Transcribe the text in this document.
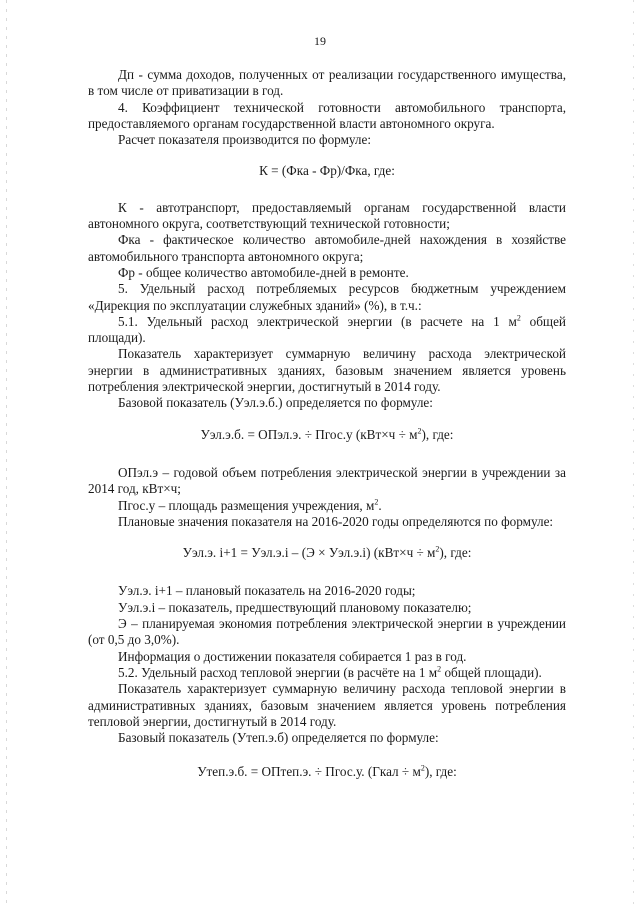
19

Дп - сумма доходов, полученных от реализации государственного имущества, в том числе от приватизации в год.

4. Коэффициент технической готовности автомобильного транспорта, предоставляемого органам государственной власти автономного округа.

Расчет показателя производится по формуле:

К = (Фка - Фр)/Фка, где:

К - автотранспорт, предоставляемый органам государственной власти автономного округа, соответствующий технической готовности;

Фка - фактическое количество автомобиле-дней нахождения в хозяйстве автомобильного транспорта автономного округа;

Фр - общее количество автомобиле-дней в ремонте.

5. Удельный расход потребляемых ресурсов бюджетным учреждением «Дирекция по эксплуатации служебных зданий» (%), в т.ч.:

5.1. Удельный расход электрической энергии (в расчете на 1 $м^2$ общей площади).

Показатель характеризует суммарную величину расхода электрической энергии в административных зданиях, базовым значением является уровень потребления электрической энергии, достигнутый в 2014 году.

Базовой показатель (Уэл.э.б.) определяется по формуле:

Уэл.э.б. = ОПэл.э. ÷ Пгос.у $(кВт\times ч \div м^2)$, где:

ОПэл.э – годовой объем потребления электрической энергии в учреждении за 2014 год, кВт×ч;

Пгос.у – площадь размещения учреждения, $м^2$.

Плановые значения показателя на 2016-2020 годы определяются по формуле:

Уэл.э. i+1 = Уэл.э.i – (Э × Уэл.э.i) $(кВт\times ч \div м^2)$, где:

Уэл.э. i+1 – плановый показатель на 2016-2020 годы;

Уэл.э.i – показатель, предшествующий плановому показателю;

Э – планируемая экономия потребления электрической энергии в учреждении (от 0,5 до 3,0%).

Информация о достижении показателя собирается 1 раз в год.

5.2. Удельный расход тепловой энергии (в расчёте на 1 $м^2$ общей площади).

Показатель характеризует суммарную величину расхода тепловой энергии в административных зданиях, базовым значением является уровень потребления тепловой энергии, достигнутый в 2014 году.

Базовый показатель (Утеп.э.б) определяется по формуле:

Утеп.э.б. = ОПтеп.э. ÷ Пгос.у. (Гкал ÷ $м^2$), где:
